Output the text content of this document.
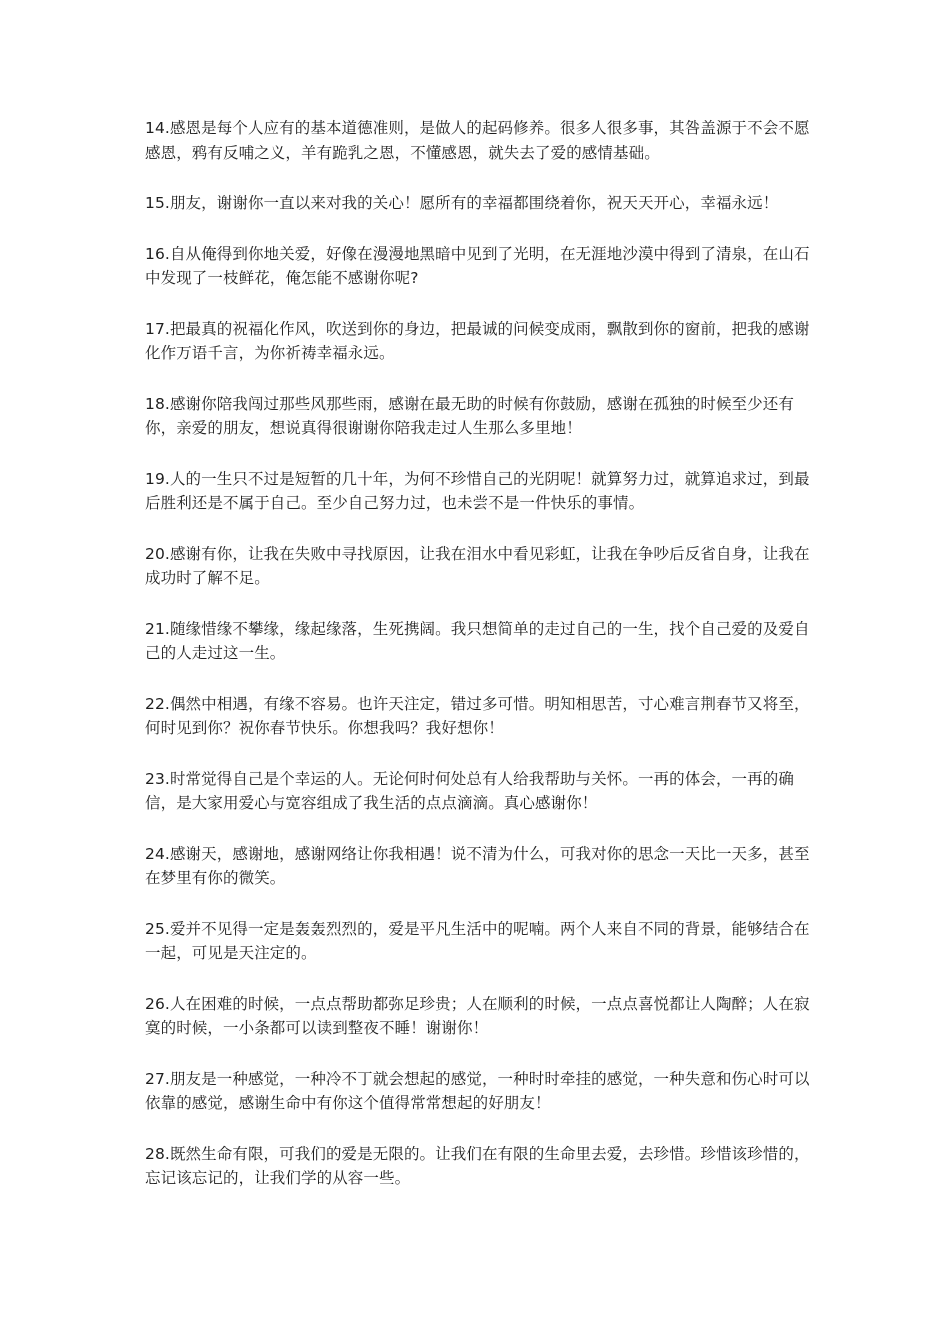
14.感恩是每个人应有的基本道德准则，是做人的起码修养。很多人很多事，其咎盖源于不会不愿感恩，鸦有反哺之义，羊有跪乳之恩，不懂感恩，就失去了爱的感情基础。

15.朋友，谢谢你一直以来对我的关心！愿所有的幸福都围绕着你，祝天天开心，幸福永远！

16.自从俺得到你地关爱，好像在漫漫地黑暗中见到了光明，在无涯地沙漠中得到了清泉，在山石中发现了一枝鲜花，俺怎能不感谢你呢?

17.把最真的祝福化作风，吹送到你的身边，把最诚的问候变成雨，飘散到你的窗前，把我的感谢化作万语千言，为你祈祷幸福永远。

18.感谢你陪我闯过那些风那些雨，感谢在最无助的时候有你鼓励，感谢在孤独的时候至少还有你，亲爱的朋友，想说真得很谢谢你陪我走过人生那么多里地！

19.人的一生只不过是短暂的几十年，为何不珍惜自己的光阴呢！就算努力过，就算追求过，到最后胜利还是不属于自己。至少自己努力过，也未尝不是一件快乐的事情。

20.感谢有你，让我在失败中寻找原因，让我在泪水中看见彩虹，让我在争吵后反省自身，让我在成功时了解不足。

21.随缘惜缘不攀缘，缘起缘落，生死携阔。我只想简单的走过自己的一生，找个自己爱的及爱自己的人走过这一生。

22.偶然中相遇，有缘不容易。也许天注定，错过多可惜。明知相思苦，寸心难言荆春节又将至，何时见到你？祝你春节快乐。你想我吗？我好想你！

23.时常觉得自己是个幸运的人。无论何时何处总有人给我帮助与关怀。一再的体会，一再的确信，是大家用爱心与宽容组成了我生活的点点滴滴。真心感谢你！

24.感谢天，感谢地，感谢网络让你我相遇！说不清为什么，可我对你的思念一天比一天多，甚至在梦里有你的微笑。

25.爱并不见得一定是轰轰烈烈的，爱是平凡生活中的呢喃。两个人来自不同的背景，能够结合在一起，可见是天注定的。

26.人在困难的时候，一点点帮助都弥足珍贵；人在顺利的时候，一点点喜悦都让人陶醉；人在寂寞的时候，一小条都可以读到整夜不睡！谢谢你！

27.朋友是一种感觉，一种冷不丁就会想起的感觉，一种时时牵挂的感觉，一种失意和伤心时可以依靠的感觉，感谢生命中有你这个值得常常想起的好朋友！

28.既然生命有限，可我们的爱是无限的。让我们在有限的生命里去爱，去珍惜。珍惜该珍惜的，忘记该忘记的，让我们学的从容一些。
